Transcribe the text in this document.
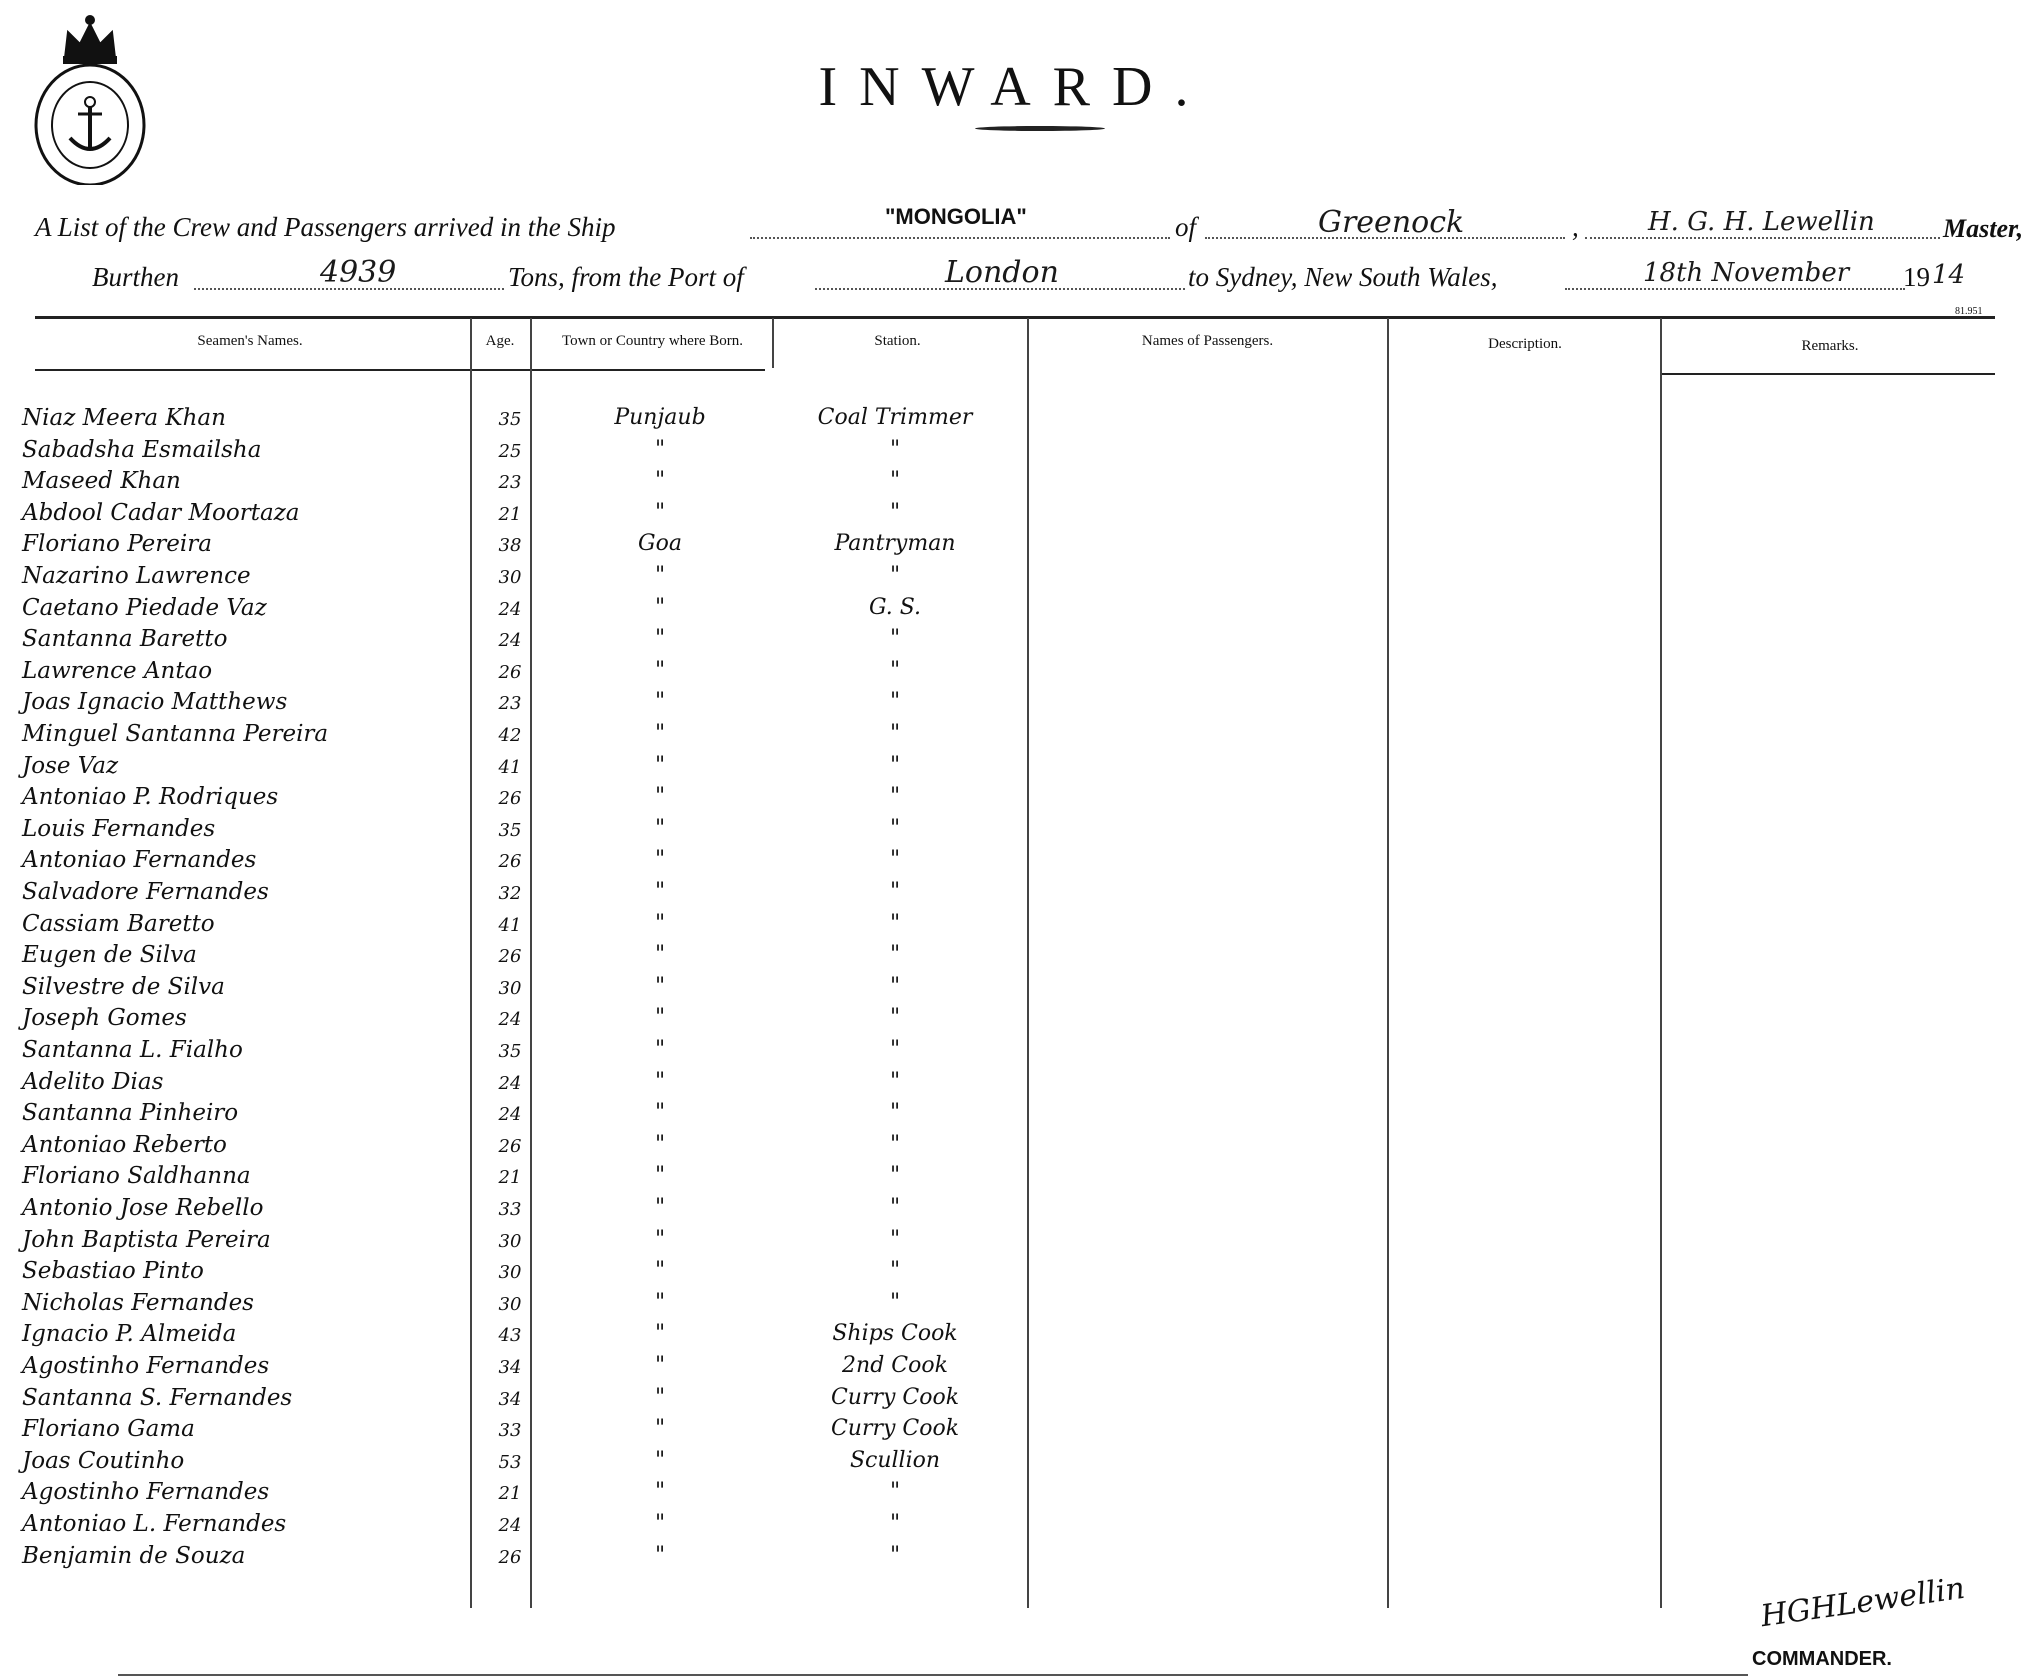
INWARD.
A List of the Crew and Passengers arrived in the Ship	"MONGOLIA"	of	Greenock	,	H. G. H. Lewellin	Master,
Burthen	4939	Tons, from the Port of	London	to Sydney, New South Wales,	18th November 19 14
81.951
Seamen's Names.	Age.	Town or Country where Born.	Station.	Names of Passengers.	Description.	Remarks.
Niaz Meera Khan	35	Punjaub	Coal Trimmer
Sabadsha Esmailsha	25	"	"
Maseed Khan	23	"	"
Abdool Cadar Moortaza	21	"	"
Floriano Pereira	38	Goa	Pantryman
Nazarino Lawrence	30	"	"
Caetano Piedade Vaz	24	"	G. S.
Santanna Baretto	24	"	"
Lawrence Antao	26	"	"
Joas Ignacio Matthews	23	"	"
Minguel Santanna Pereira	42	"	"
Jose Vaz	41	"	"
Antoniao P. Rodriques	26	"	"
Louis Fernandes	35	"	"
Antoniao Fernandes	26	"	"
Salvadore Fernandes	32	"	"
Cassiam Baretto	41	"	"
Eugen de Silva	26	"	"
Silvestre de Silva	30	"	"
Joseph Gomes	24	"	"
Santanna L. Fialho	35	"	"
Adelito Dias	24	"	"
Santanna Pinheiro	24	"	"
Antoniao Reberto	26	"	"
Floriano Saldhanna	21	"	"
Antonio Jose Rebello	33	"	"
John Baptista Pereira	30	"	"
Sebastiao Pinto	30	"	"
Nicholas Fernandes	30	"	"
Ignacio P. Almeida	43	"	Ships Cook
Agostinho Fernandes	34	"	2nd Cook
Santanna S. Fernandes	34	"	Curry Cook
Floriano Gama	33	"	Curry Cook
Joas Coutinho	53	"	Scullion
Agostinho Fernandes	21	"	"
Antoniao L. Fernandes	24	"	"
Benjamin de Souza	26	"	"
HGHLewellin
COMMANDER.
